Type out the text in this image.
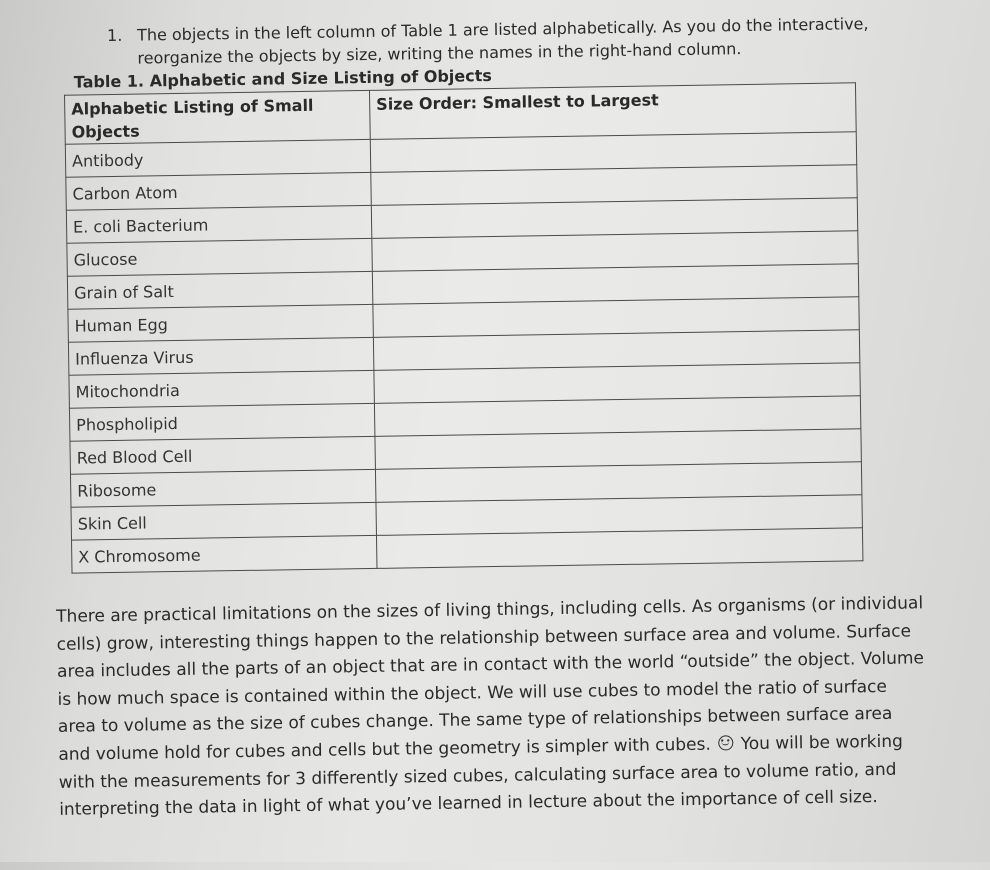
1. The objects in the left column of Table 1 are listed alphabetically. As you do the interactive, reorganize the objects by size, writing the names in the right-hand column.
Table 1. Alphabetic and Size Listing of Objects
Alphabetic Listing of Small Objects	Size Order: Smallest to Largest
Antibody	
Carbon Atom	
E. coli Bacterium	
Glucose	
Grain of Salt	
Human Egg	
Influenza Virus	
Mitochondria	
Phospholipid	
Red Blood Cell	
Ribosome	
Skin Cell	
X Chromosome	
There are practical limitations on the sizes of living things, including cells. As organisms (or individual cells) grow, interesting things happen to the relationship between surface area and volume. Surface area includes all the parts of an object that are in contact with the world “outside” the object. Volume is how much space is contained within the object. We will use cubes to model the ratio of surface area to volume as the size of cubes change. The same type of relationships between surface area and volume hold for cubes and cells but the geometry is simpler with cubes. You will be working with the measurements for 3 differently sized cubes, calculating surface area to volume ratio, and interpreting the data in light of what you’ve learned in lecture about the importance of cell size.
